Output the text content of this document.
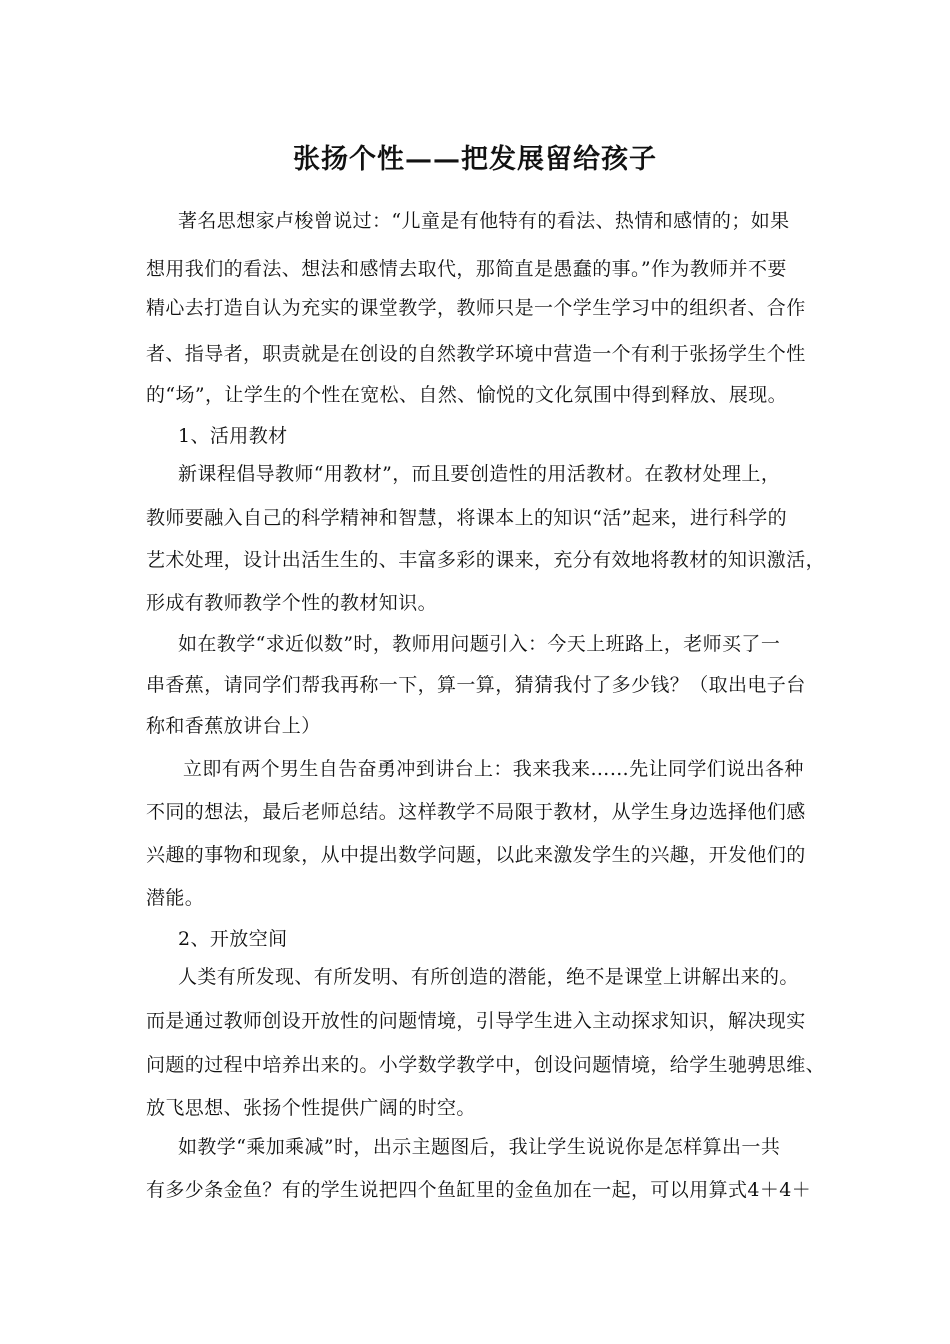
张扬个性——把发展留给孩子
著名思想家卢梭曾说过：“儿童是有他特有的看法、热情和感情的；如果
想用我们的看法、想法和感情去取代，那简直是愚蠢的事。”作为教师并不要
精心去打造自认为充实的课堂教学，教师只是一个学生学习中的组织者、合作
者、指导者，职责就是在创设的自然教学环境中营造一个有利于张扬学生个性
的“场”，让学生的个性在宽松、自然、愉悦的文化氛围中得到释放、展现。
1、活用教材
新课程倡导教师“用教材”，而且要创造性的用活教材。在教材处理上，
教师要融入自己的科学精神和智慧，将课本上的知识“活”起来，进行科学的
艺术处理，设计出活生生的、丰富多彩的课来，充分有效地将教材的知识激活，
形成有教师教学个性的教材知识。
如在教学“求近似数”时，教师用问题引入：今天上班路上，老师买了一
串香蕉，请同学们帮我再称一下，算一算，猜猜我付了多少钱？（取出电子台
称和香蕉放讲台上）
立即有两个男生自告奋勇冲到讲台上：我来我来……先让同学们说出各种
不同的想法，最后老师总结。这样教学不局限于教材，从学生身边选择他们感
兴趣的事物和现象，从中提出数学问题，以此来激发学生的兴趣，开发他们的
潜能。
2、开放空间
人类有所发现、有所发明、有所创造的潜能，绝不是课堂上讲解出来的。
而是通过教师创设开放性的问题情境，引导学生进入主动探求知识，解决现实
问题的过程中培养出来的。小学数学教学中，创设问题情境，给学生驰骋思维、
放飞思想、张扬个性提供广阔的时空。
如教学“乘加乘减”时，出示主题图后，我让学生说说你是怎样算出一共
有多少条金鱼？有的学生说把四个鱼缸里的金鱼加在一起，可以用算式4＋4＋
